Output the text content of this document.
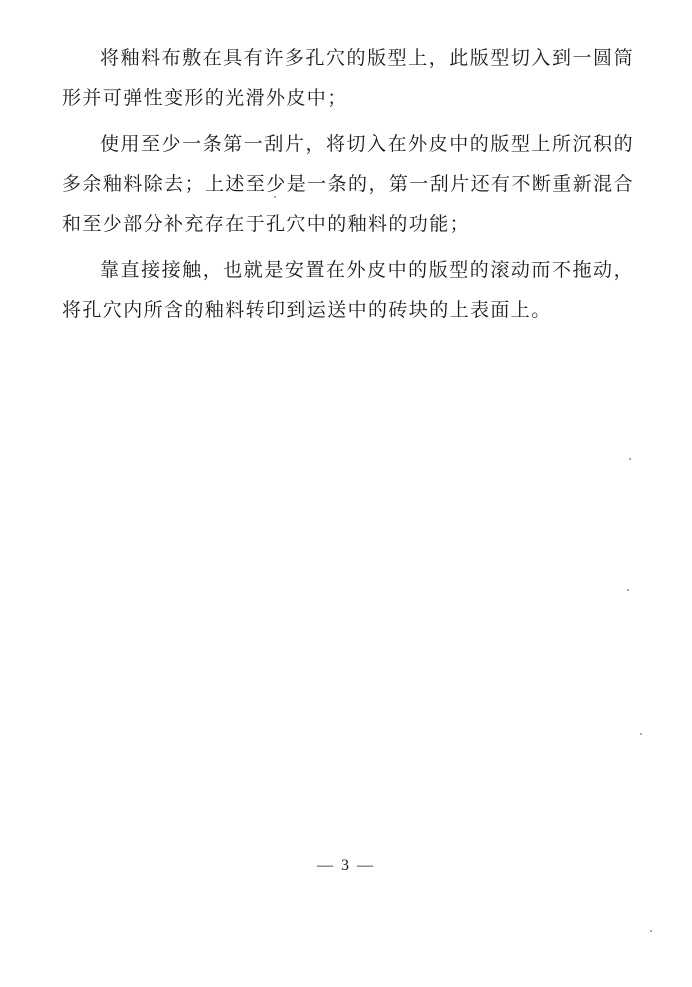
将釉料布敷在具有许多孔穴的版型上，此版型切入到一圆筒形并可弹性变形的光滑外皮中；

使用至少一条第一刮片，将切入在外皮中的版型上所沉积的多余釉料除去；上述至少是一条的，第一刮片还有不断重新混合和至少部分补充存在于孔穴中的釉料的功能；

靠直接接触，也就是安置在外皮中的版型的滚动而不拖动，将孔穴内所含的釉料转印到运送中的砖块的上表面上。

— 3 —
